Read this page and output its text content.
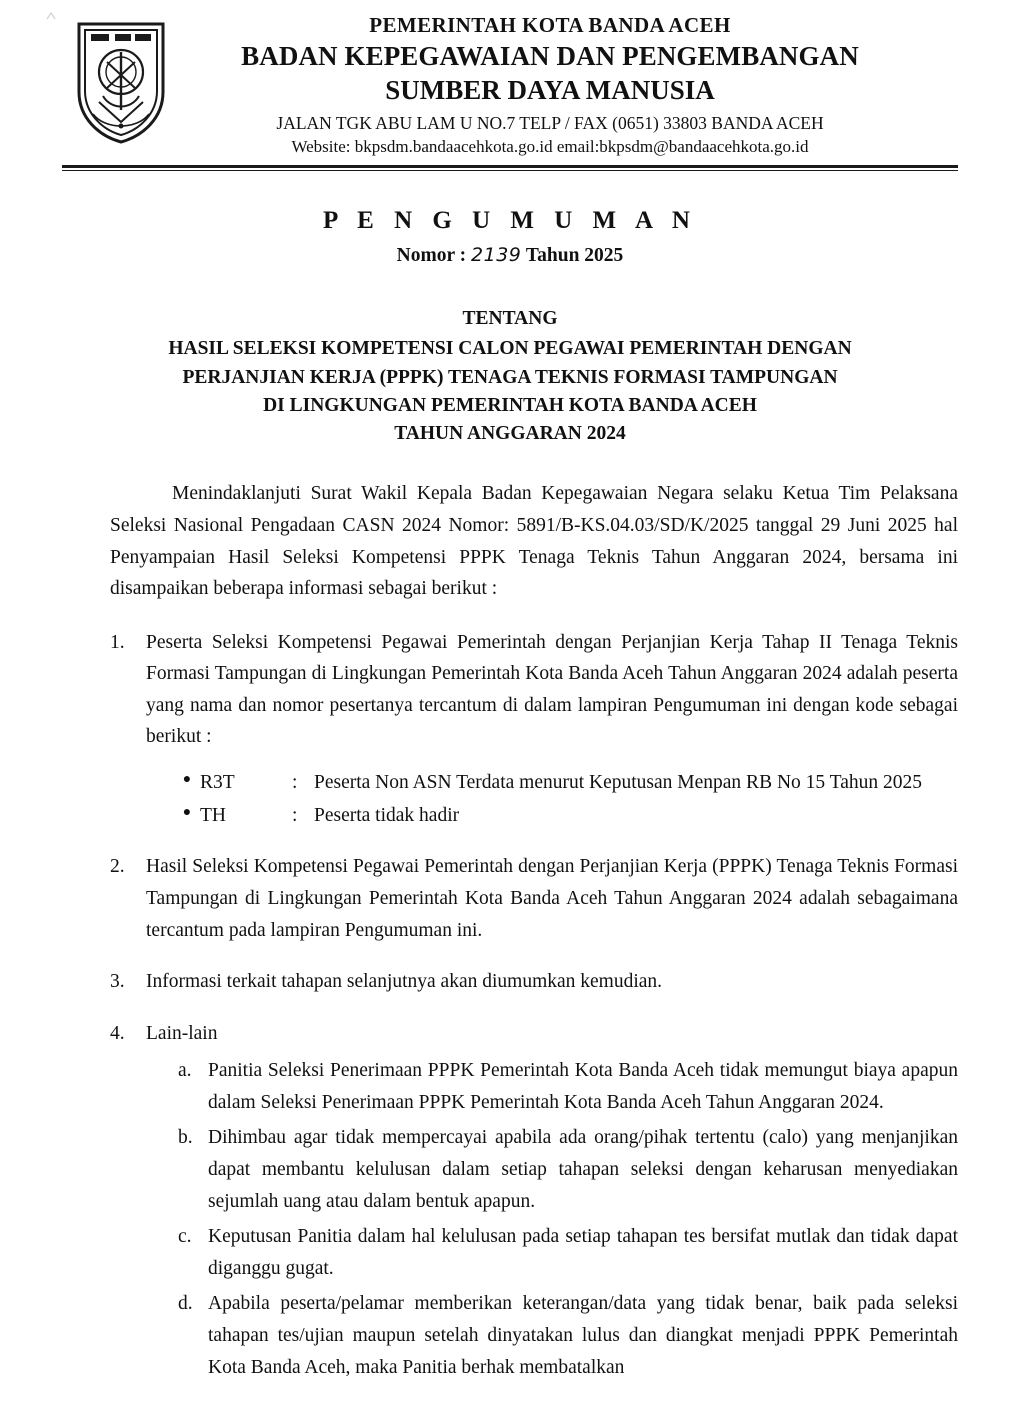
PEMERINTAH KOTA BANDA ACEH
BADAN KEPEGAWAIAN DAN PENGEMBANGAN
SUMBER DAYA MANUSIA
JALAN TGK ABU LAM U NO.7 TELP / FAX (0651) 33803 BANDA ACEH
Website: bkpsdm.bandaacehkota.go.id email:bkpsdm@bandaacehkota.go.id
P E N G U M U M A N
Nomor : 2139 Tahun 2025
TENTANG
HASIL SELEKSI KOMPETENSI CALON PEGAWAI PEMERINTAH DENGAN
PERJANJIAN KERJA (PPPK) TENAGA TEKNIS FORMASI TAMPUNGAN
DI LINGKUNGAN PEMERINTAH KOTA BANDA ACEH
TAHUN ANGGARAN 2024

Menindaklanjuti Surat Wakil Kepala Badan Kepegawaian Negara selaku Ketua Tim Pelaksana Seleksi Nasional Pengadaan CASN 2024 Nomor: 5891/B-KS.04.03/SD/K/2025 tanggal 29 Juni 2025 hal Penyampaian Hasil Seleksi Kompetensi PPPK Tenaga Teknis Tahun Anggaran 2024, bersama ini disampaikan beberapa informasi sebagai berikut :

1.	Peserta Seleksi Kompetensi Pegawai Pemerintah dengan Perjanjian Kerja Tahap II Tenaga Teknis Formasi Tampungan di Lingkungan Pemerintah Kota Banda Aceh Tahun Anggaran 2024 adalah peserta yang nama dan nomor pesertanya tercantum di dalam lampiran Pengumuman ini dengan kode sebagai berikut :
● R3T	: Peserta Non ASN Terdata menurut Keputusan Menpan RB No 15 Tahun 2025
● TH	: Peserta tidak hadir
2.	Hasil Seleksi Kompetensi Pegawai Pemerintah dengan Perjanjian Kerja (PPPK) Tenaga Teknis Formasi Tampungan di Lingkungan Pemerintah Kota Banda Aceh Tahun Anggaran 2024 adalah sebagaimana tercantum pada lampiran Pengumuman ini.
3.	Informasi terkait tahapan selanjutnya akan diumumkan kemudian.
4.	Lain-lain
a. Panitia Seleksi Penerimaan PPPK Pemerintah Kota Banda Aceh tidak memungut biaya apapun dalam Seleksi Penerimaan PPPK Pemerintah Kota Banda Aceh Tahun Anggaran 2024.
b. Dihimbau agar tidak mempercayai apabila ada orang/pihak tertentu (calo) yang menjanjikan dapat membantu kelulusan dalam setiap tahapan seleksi dengan keharusan menyediakan sejumlah uang atau dalam bentuk apapun.
c. Keputusan Panitia dalam hal kelulusan pada setiap tahapan tes bersifat mutlak dan tidak dapat diganggu gugat.
d. Apabila peserta/pelamar memberikan keterangan/data yang tidak benar, baik pada seleksi tahapan tes/ujian maupun setelah dinyatakan lulus dan diangkat menjadi PPPK Pemerintah Kota Banda Aceh, maka Panitia berhak membatalkan
